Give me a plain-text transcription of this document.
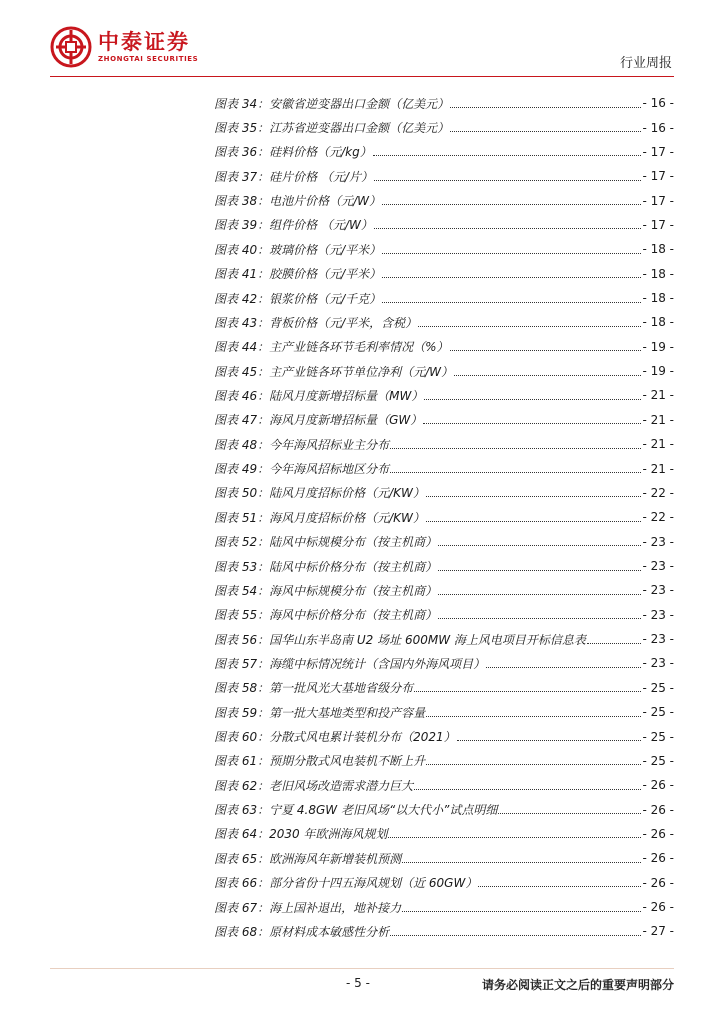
中泰证券
ZHONGTAI SECURITIES	行业周报
图表 34：安徽省逆变器出口金额（亿美元）	- 16 -
图表 35：江苏省逆变器出口金额（亿美元）	- 16 -
图表 36：硅料价格（元/kg）	- 17 -
图表 37：硅片价格 （元/片）	- 17 -
图表 38：电池片价格（元/W）	- 17 -
图表 39：组件价格 （元/W）	- 17 -
图表 40：玻璃价格（元/平米）	- 18 -
图表 41：胶膜价格（元/平米）	- 18 -
图表 42：银浆价格（元/千克）	- 18 -
图表 43：背板价格（元/平米，含税）	- 18 -
图表 44：主产业链各环节毛利率情况（%）	- 19 -
图表 45：主产业链各环节单位净利（元/W）	- 19 -
图表 46：陆风月度新增招标量（MW）	- 21 -
图表 47：海风月度新增招标量（GW）	- 21 -
图表 48：今年海风招标业主分布	- 21 -
图表 49：今年海风招标地区分布	- 21 -
图表 50：陆风月度招标价格（元/KW）	- 22 -
图表 51：海风月度招标价格（元/KW）	- 22 -
图表 52：陆风中标规模分布（按主机商）	- 23 -
图表 53：陆风中标价格分布（按主机商）	- 23 -
图表 54：海风中标规模分布（按主机商）	- 23 -
图表 55：海风中标价格分布（按主机商）	- 23 -
图表 56：国华山东半岛南 U2 场址 600MW 海上风电项目开标信息表	- 23 -
图表 57：海缆中标情况统计（含国内外海风项目）	- 23 -
图表 58：第一批风光大基地省级分布	- 25 -
图表 59：第一批大基地类型和投产容量	- 25 -
图表 60：分散式风电累计装机分布（2021）	- 25 -
图表 61：预期分散式风电装机不断上升	- 25 -
图表 62：老旧风场改造需求潜力巨大	- 26 -
图表 63：宁夏 4.8GW 老旧风场“以大代小”试点明细	- 26 -
图表 64：2030 年欧洲海风规划	- 26 -
图表 65：欧洲海风年新增装机预测	- 26 -
图表 66：部分省份十四五海风规划（近 60GW）	- 26 -
图表 67：海上国补退出，地补接力	- 26 -
图表 68：原材料成本敏感性分析	- 27 -
- 5 -	请务必阅读正文之后的重要声明部分
